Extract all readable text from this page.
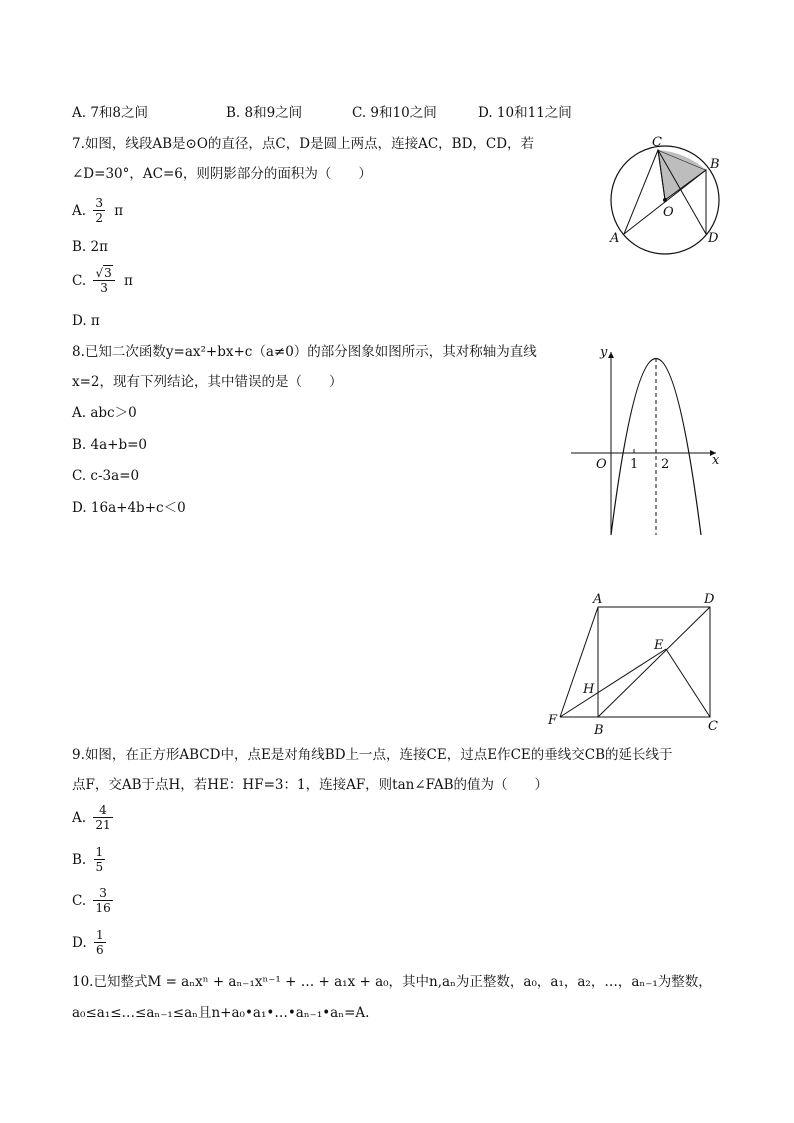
A. 7和8之间	B. 8和9之间	C. 9和10之间	D. 10和11之间
7.如图，线段AB是⊙O的直径，点C，D是圆上两点，连接AC，BD，CD，若
∠D=30°，AC=6，则阴影部分的面积为（　　）
A. $\frac{3}{2}$ π
B. 2π
C. $\frac{√3}{3}$ π
D. π
C
B
O
A	D
8.已知二次函数y=ax²+bx+c（a≠0）的部分图象如图所示，其对称轴为直线
x=2，现有下列结论，其中错误的是（　　）
A. abc＞0
B. 4a+b=0
C. c-3a=0
D. 16a+4b+c＜0
y
O 1 2	x
A	D
E
H
F
B	C
9.如图，在正方形ABCD中，点E是对角线BD上一点，连接CE，过点E作CE的垂线交CB的延长线于
点F，交AB于点H，若HE：HF=3：1，连接AF，则tan∠FAB的值为（　　）
A. $\frac{4}{21}$
B. $\frac{1}{5}$
C. $\frac{3}{16}$
D. $\frac{1}{6}$
10.已知整式M = aₙxⁿ + aₙ₋₁xⁿ⁻¹ + … + a₁x + a₀，其中n,aₙ为正整数，a₀，a₁，a₂，…，aₙ₋₁为整数，
a₀≤a₁≤…≤aₙ₋₁≤aₙ且n+a₀•a₁•…•aₙ₋₁•aₙ=A.
